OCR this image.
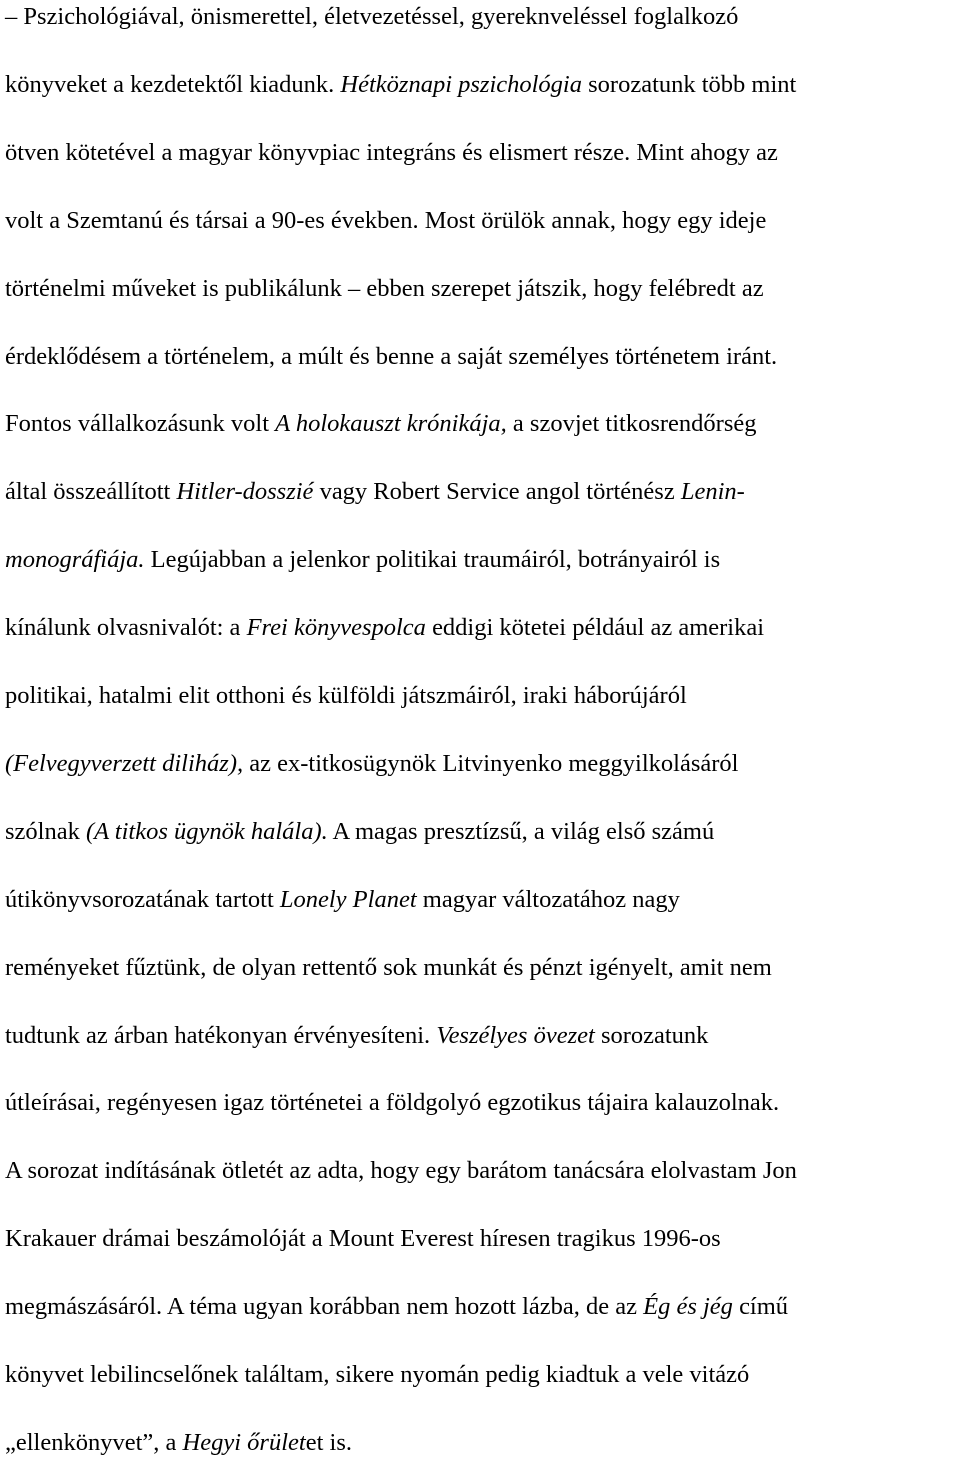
– Pszichológiával, önismerettel, életvezetéssel, gyereknveléssel foglalkozó

könyveket a kezdetektől kiadunk. Hétköznapi pszichológia sorozatunk több mint

ötven kötetével a magyar könyvpiac integráns és elismert része. Mint ahogy az

volt a Szemtanú és társai a 90-es években. Most örülök annak, hogy egy ideje

történelmi műveket is publikálunk – ebben szerepet játszik, hogy felébredt az

érdeklődésem a történelem, a múlt és benne a saját személyes történetem iránt.

Fontos vállalkozásunk volt A holokauszt krónikája, a szovjet titkosrendőrség

által összeállított Hitler-dosszié vagy Robert Service angol történész Lenin-

monográfiája. Legújabban a jelenkor politikai traumáiról, botrányairól is

kínálunk olvasnivalót: a Frei könyvespolca eddigi kötetei például az amerikai

politikai, hatalmi elit otthoni és külföldi játszmáiról, iraki háborújáról

(Felvegyverzett diliház), az ex-titkosügynök Litvinyenko meggyilkolásáról

szólnak (A titkos ügynök halála). A magas presztízsű, a világ első számú

útikönyvsorozatának tartott Lonely Planet magyar változatához nagy

reményeket fűztünk, de olyan rettentő sok munkát és pénzt igényelt, amit nem

tudtunk az árban hatékonyan érvényesíteni. Veszélyes övezet sorozatunk

útleírásai, regényesen igaz történetei a földgolyó egzotikus tájaira kalauzolnak.

A sorozat indításának ötletét az adta, hogy egy barátom tanácsára elolvastam Jon

Krakauer drámai beszámolóját a Mount Everest híresen tragikus 1996-os

megmászásáról. A téma ugyan korábban nem hozott lázba, de az Ég és jég című

könyvet lebilincselőnek találtam, sikere nyomán pedig kiadtuk a vele vitázó

„ellenkönyvet”, a Hegyi őrületet is.
